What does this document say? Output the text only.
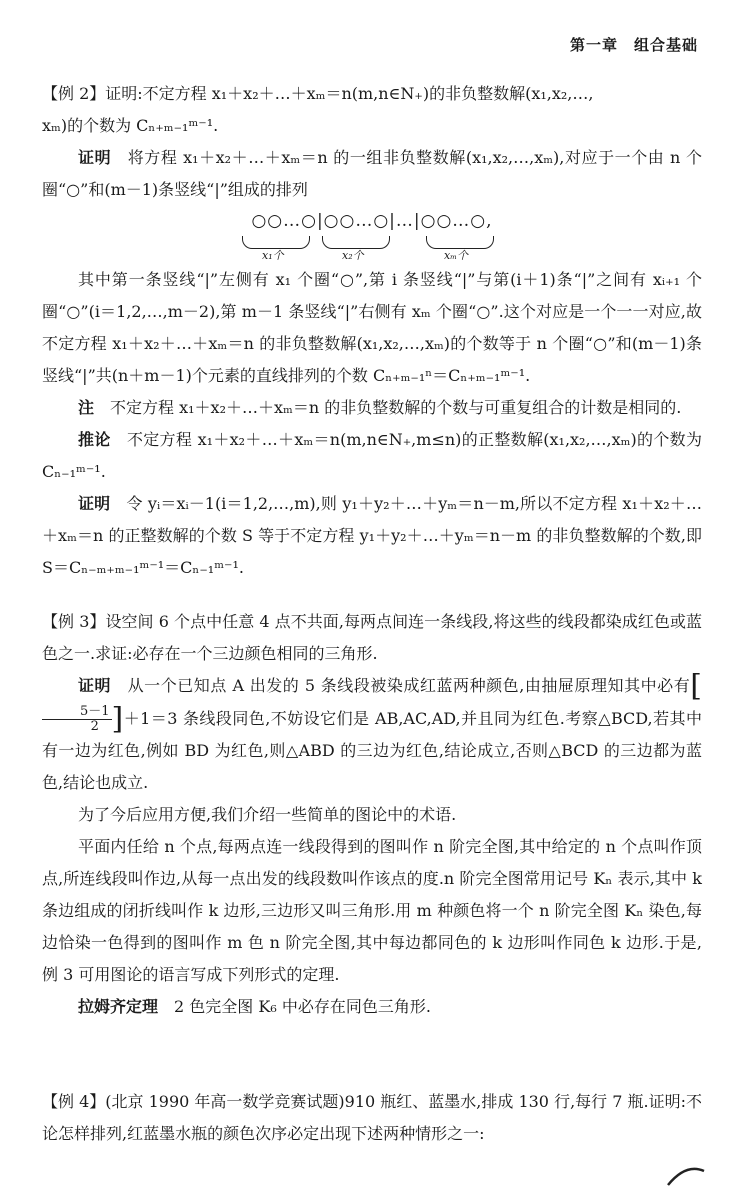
第一章　组合基础

【例 2】证明:不定方程 x₁＋x₂＋…＋xₘ＝n(m,n∈N₊)的非负整数解(x₁,x₂,…,

xₘ)的个数为 Cₙ₊ₘ₋₁ᵐ⁻¹.

证明　 将方程 x₁＋x₂＋…＋xₘ＝n 的一组非负整数解(x₁,x₂,…,xₘ),对应于一个由 n 个圈“○”和(m－1)条竖线“|”组成的排列

○○…○|○○…○|…|○○…○,

x₁个	x₂个	xₘ个

其中第一条竖线“|”左侧有 x₁ 个圈“○”,第 i 条竖线“|”与第(i＋1)条“|”之间有 xᵢ₊₁ 个圈“○”(i＝1,2,…,m－2),第 m－1 条竖线“|”右侧有 xₘ 个圈“○”.这个对应是一个一一对应,故不定方程 x₁＋x₂＋…＋xₘ＝n 的非负整数解(x₁,x₂,…,xₘ)的个数等于 n 个圈“○”和(m－1)条竖线“|”共(n＋m－1)个元素的直线排列的个数 Cₙ₊ₘ₋₁ⁿ＝Cₙ₊ₘ₋₁ᵐ⁻¹.

注　 不定方程 x₁＋x₂＋…＋xₘ＝n 的非负整数解的个数与可重复组合的计数是相同的.

推论　 不定方程 x₁＋x₂＋…＋xₘ＝n(m,n∈N₊,m≤n)的正整数解(x₁,x₂,…,xₘ)的个数为 Cₙ₋₁ᵐ⁻¹.

证明　 令 yᵢ＝xᵢ－1(i＝1,2,…,m),则 y₁＋y₂＋…＋yₘ＝n－m,所以不定方程 x₁＋x₂＋…＋xₘ＝n 的正整数解的个数 S 等于不定方程 y₁＋y₂＋…＋yₘ＝n－m 的非负整数解的个数,即 S＝Cₙ₋ₘ₊ₘ₋₁ᵐ⁻¹＝Cₙ₋₁ᵐ⁻¹.

【例 3】设空间 6 个点中任意 4 点不共面,每两点间连一条线段,将这些的线段都染成红色或蓝色之一.求证:必存在一个三边颜色相同的三角形.

证明　 从一个已知点 A 出发的 5 条线段被染成红蓝两种颜色,由抽屉原理知其中必有[
$\frac{5-1}{2} ]+1=3$ 条线段同色,不妨设它们是 AB,AC,AD,并且同为红色.考察△BCD,若其中有一边为红色,例如 BD 为红色,则△ABD 的三边为红色,结论成立,否则△BCD 的三边都为蓝色,结论也成立.

为了今后应用方便,我们介绍一些简单的图论中的术语.

平面内任给 n 个点,每两点连一线段得到的图叫作 n 阶完全图,其中给定的 n 个点叫作顶点,所连线段叫作边,从每一点出发的线段数叫作该点的度.n 阶完全图常用记号 Kₙ 表示,其中 k 条边组成的闭折线叫作 k 边形,三边形又叫三角形.用 m 种颜色将一个 n 阶完全图 Kₙ 染色,每边恰染一色得到的图叫作 m 色 n 阶完全图,其中每边都同色的 k 边形叫作同色 k 边形.于是,例 3 可用图论的语言写成下列形式的定理.

拉姆齐定理　 2 色完全图 K₆ 中必存在同色三角形.

【例 4】(北京 1990 年高一数学竞赛试题)910 瓶红、蓝墨水,排成 130 行,每行 7 瓶.证明:不论怎样排列,红蓝墨水瓶的颜色次序必定出现下述两种情形之一:
